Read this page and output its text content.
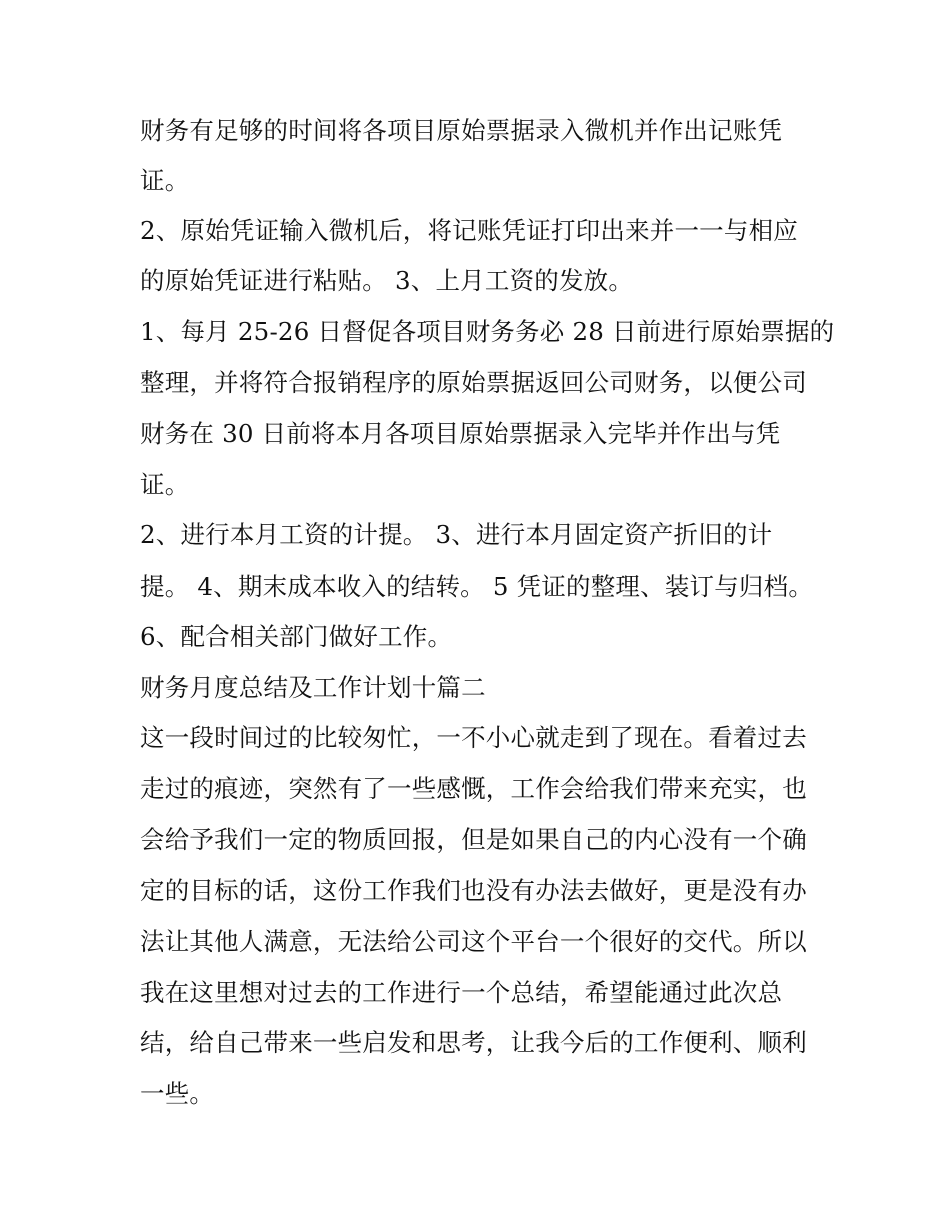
财务有足够的时间将各项目原始票据录入微机并作出记账凭
证。
2、原始凭证输入微机后，将记账凭证打印出来并一一与相应
的原始凭证进行粘贴。 3、上月工资的发放。
1、每月 25-26 日督促各项目财务务必 28 日前进行原始票据的
整理，并将符合报销程序的原始票据返回公司财务，以便公司
财务在 30 日前将本月各项目原始票据录入完毕并作出与凭
证。
2、进行本月工资的计提。 3、进行本月固定资产折旧的计
提。 4、期末成本收入的结转。 5 凭证的整理、装订与归档。
6、配合相关部门做好工作。
财务月度总结及工作计划十篇二
这一段时间过的比较匆忙，一不小心就走到了现在。看着过去
走过的痕迹，突然有了一些感慨，工作会给我们带来充实，也
会给予我们一定的物质回报，但是如果自己的内心没有一个确
定的目标的话，这份工作我们也没有办法去做好，更是没有办
法让其他人满意，无法给公司这个平台一个很好的交代。所以
我在这里想对过去的工作进行一个总结，希望能通过此次总
结，给自己带来一些启发和思考，让我今后的工作便利、顺利
一些。
